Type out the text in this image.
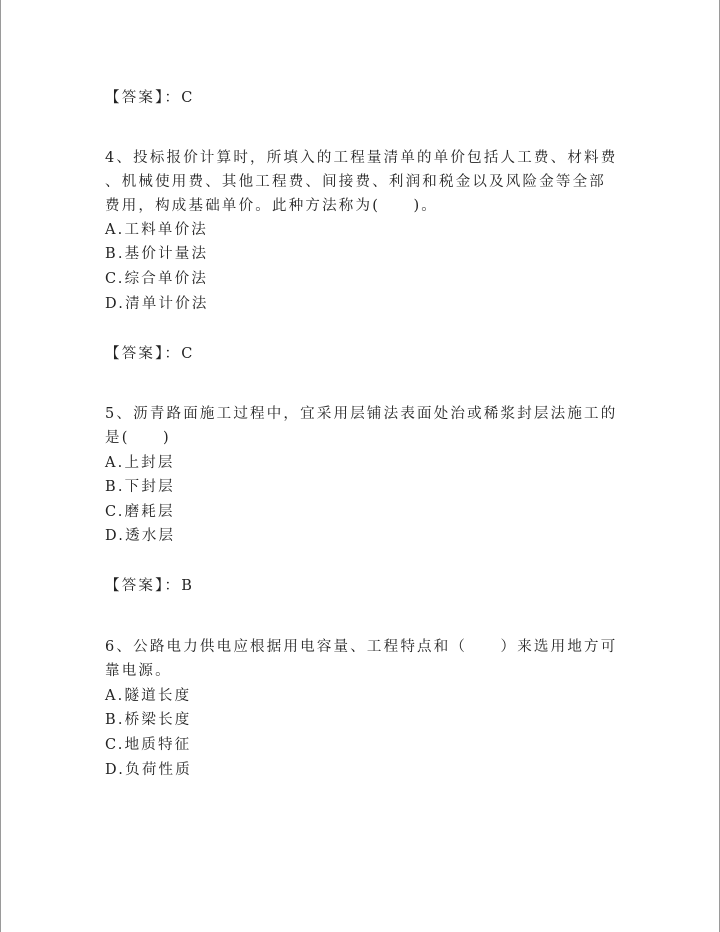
【答案】：C
4、投标报价计算时，所填入的工程量清单的单价包括人工费、材料费
、机械使用费、其他工程费、间接费、利润和税金以及风险金等全部
费用，构成基础单价。此种方法称为(　　)。
A.工料单价法
B.基价计量法
C.综合单价法
D.清单计价法
【答案】：C
5、沥青路面施工过程中，宜采用层铺法表面处治或稀浆封层法施工的
是(　　)
A.上封层
B.下封层
C.磨耗层
D.透水层
【答案】：B
6、公路电力供电应根据用电容量、工程特点和（　　）来选用地方可
靠电源。
A.隧道长度
B.桥梁长度
C.地质特征
D.负荷性质
